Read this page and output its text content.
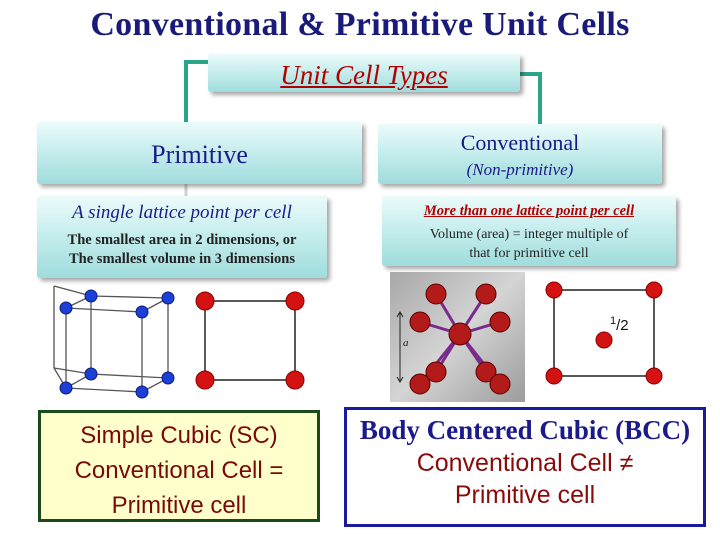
Conventional & Primitive Unit Cells
Unit Cell Types
Primitive	Conventional
(Non-primitive)
A single lattice point per cell
The smallest area in 2 dimensions, or
The smallest volume in 3 dimensions
More than one lattice point per cell
Volume (area) = integer multiple of
that for primitive cell
a
$^1$/2
Simple Cubic (SC)
Conventional Cell =
Primitive cell
Body Centered Cubic (BCC)
Conventional Cell ≠
Primitive cell
